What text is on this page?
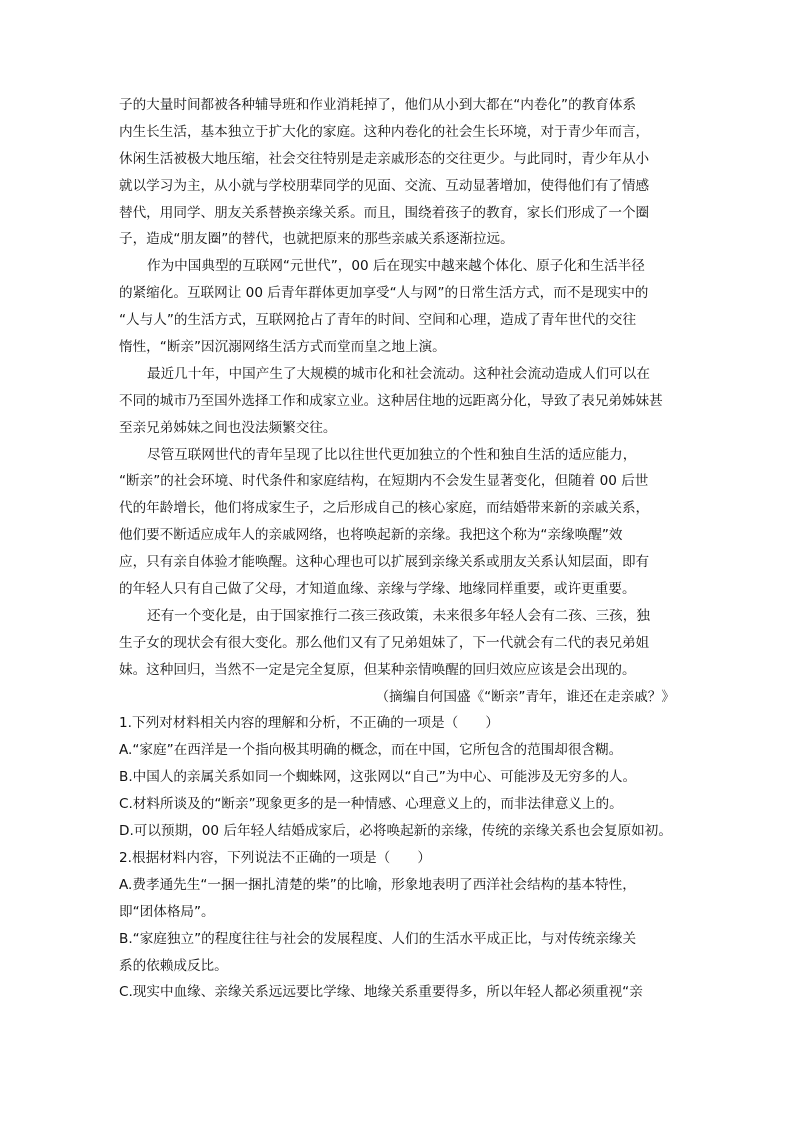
子的大量时间都被各种辅导班和作业消耗掉了，他们从小到大都在“内卷化”的教育体系
内生长生活，基本独立于扩大化的家庭。这种内卷化的社会生长环境，对于青少年而言，
休闲生活被极大地压缩，社会交往特别是走亲戚形态的交往更少。与此同时，青少年从小
就以学习为主，从小就与学校朋辈同学的见面、交流、互动显著增加，使得他们有了情感
替代，用同学、朋友关系替换亲缘关系。而且，围绕着孩子的教育，家长们形成了一个圈
子，造成“朋友圈”的替代，也就把原来的那些亲戚关系逐渐拉远。
作为中国典型的互联网“元世代”，00 后在现实中越来越个体化、原子化和生活半径
的紧缩化。互联网让 00 后青年群体更加享受“人与网”的日常生活方式，而不是现实中的
“人与人”的生活方式，互联网抢占了青年的时间、空间和心理，造成了青年世代的交往
惰性，“断亲”因沉溺网络生活方式而堂而皇之地上演。
最近几十年，中国产生了大规模的城市化和社会流动。这种社会流动造成人们可以在
不同的城市乃至国外选择工作和成家立业。这种居住地的远距离分化，导致了表兄弟姊妹甚
至亲兄弟姊妹之间也没法频繁交往。
尽管互联网世代的青年呈现了比以往世代更加独立的个性和独自生活的适应能力，
“断亲”的社会环境、时代条件和家庭结构，在短期内不会发生显著变化，但随着 00 后世
代的年龄增长，他们将成家生子，之后形成自己的核心家庭，而结婚带来新的亲戚关系，
他们要不断适应成年人的亲戚网络，也将唤起新的亲缘。我把这个称为“亲缘唤醒”效
应，只有亲自体验才能唤醒。这种心理也可以扩展到亲缘关系或朋友关系认知层面，即有
的年轻人只有自己做了父母，才知道血缘、亲缘与学缘、地缘同样重要，或许更重要。
还有一个变化是，由于国家推行二孩三孩政策，未来很多年轻人会有二孩、三孩，独
生子女的现状会有很大变化。那么他们又有了兄弟姐妹了，下一代就会有二代的表兄弟姐
妹。这种回归，当然不一定是完全复原，但某种亲情唤醒的回归效应应该是会出现的。
（摘编自何国盛《“断亲”青年，谁还在走亲戚？》
1.下列对材料相关内容的理解和分析，不正确的一项是（　　）
A.“家庭”在西洋是一个指向极其明确的概念，而在中国，它所包含的范围却很含糊。
B.中国人的亲属关系如同一个蜘蛛网，这张网以“自己”为中心、可能涉及无穷多的人。
C.材料所谈及的“断亲”现象更多的是一种情感、心理意义上的，而非法律意义上的。
D.可以预期，00 后年轻人结婚成家后，必将唤起新的亲缘，传统的亲缘关系也会复原如初。
2.根据材料内容，下列说法不正确的一项是（　　）
A.费孝通先生“一捆一捆扎清楚的柴”的比喻，形象地表明了西洋社会结构的基本特性，
即“团体格局”。
B.“家庭独立”的程度往往与社会的发展程度、人们的生活水平成正比，与对传统亲缘关
系的依赖成反比。
C.现实中血缘、亲缘关系远远要比学缘、地缘关系重要得多，所以年轻人都必须重视“亲
